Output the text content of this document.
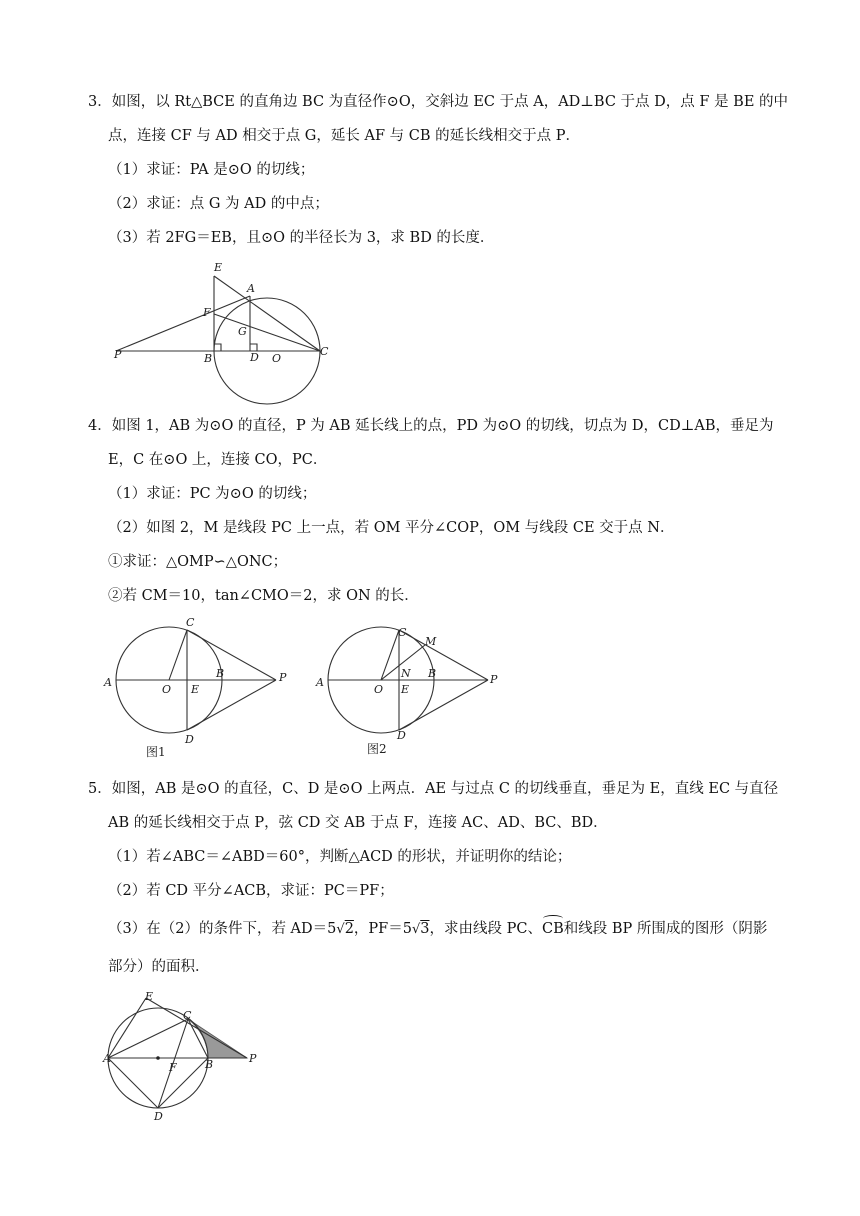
3．如图，以 Rt△BCE 的直角边 BC 为直径作⊙O，交斜边 EC 于点 A，AD⊥BC 于点 D，点 F 是 BE 的中
点，连接 CF 与 AD 相交于点 G，延长 AF 与 CB 的延长线相交于点 P．
（1）求证：PA 是⊙O 的切线；
（2）求证：点 G 为 AD 的中点；
（3）若 2FG＝EB，且⊙O 的半径长为 3，求 BD 的长度．
E
A
F
G
P	B	D O
C
4．如图 1，AB 为⊙O 的直径，P 为 AB 延长线上的点，PD 为⊙O 的切线，切点为 D，CD⊥AB，垂足为
E，C 在⊙O 上，连接 CO，PC．
（1）求证：PC 为⊙O 的切线；
（2）如图 2，M 是线段 PC 上一点，若 OM 平分∠COP，OM 与线段 CE 交于点 N．
①求证：△OMP∽△ONC；
②若 CM＝10，tan∠CMO＝2，求 ON 的长．
C
A
O E
B	P
D
图1
C
M
A
O
N
E
B	P
D
图2
5．如图，AB 是⊙O 的直径，C、D 是⊙O 上两点．AE 与过点 C 的切线垂直，垂足为 E，直线 EC 与直径
AB 的延长线相交于点 P，弦 CD 交 AB 于点 F，连接 AC、AD、BC、BD．
（1）若∠ABC＝∠ABD＝60°，判断△ACD 的形状，并证明你的结论；
（2）若 CD 平分∠ACB，求证：PC＝PF；
（3）在（2）的条件下，若 AD＝5√2，PF＝5√3，求由线段 PC、
CB和线段 BP 所围成的图形（阴影
部分）的面积．
E
C
A
F	B	P
D
